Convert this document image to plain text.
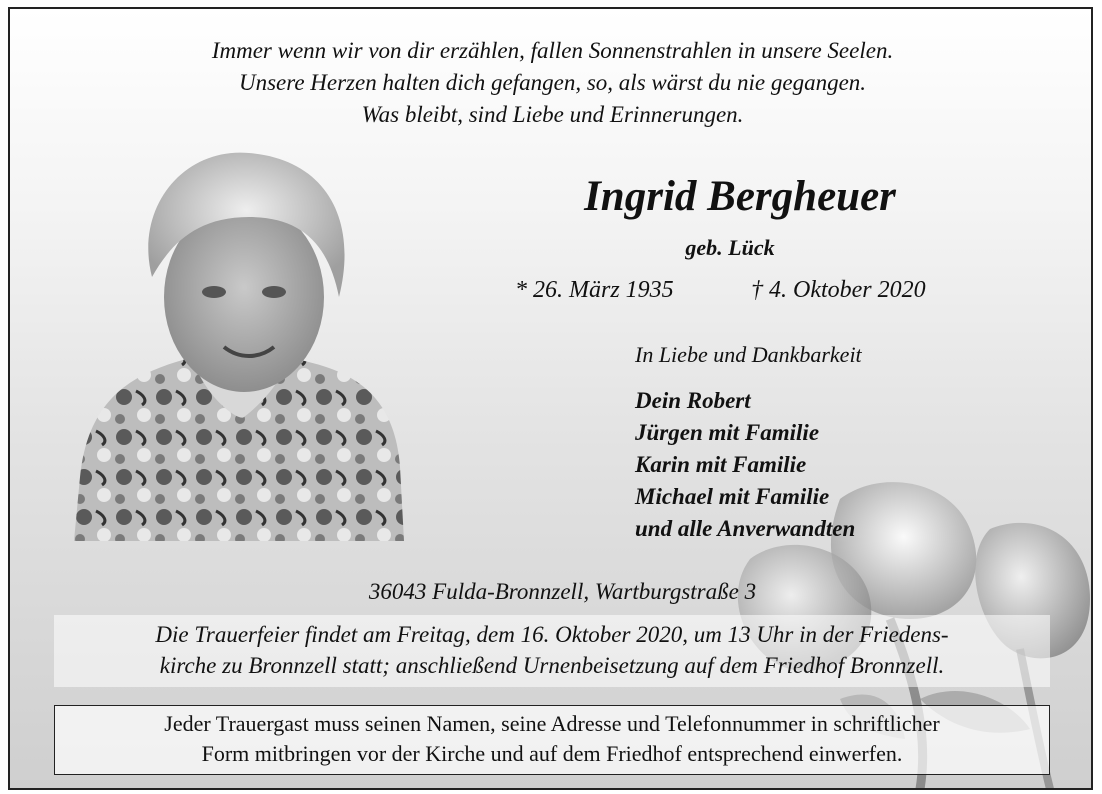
Immer wenn wir von dir erzählen, fallen Sonnenstrahlen in unsere Seelen.
Unsere Herzen halten dich gefangen, so, als wärst du nie gegangen.
Was bleibt, sind Liebe und Erinnerungen.
Ingrid Bergheuer
geb. Lück
* 26. März 1935	† 4. Oktober 2020
In Liebe und Dankbarkeit
Dein Robert
Jürgen mit Familie
Karin mit Familie
Michael mit Familie
und alle Anverwandten
36043 Fulda-Bronnzell, Wartburgstraße 3
Die Trauerfeier findet am Freitag, dem 16. Oktober 2020, um 13 Uhr in der Friedens-
kirche zu Bronnzell statt; anschließend Urnenbeisetzung auf dem Friedhof Bronnzell.
Jeder Trauergast muss seinen Namen, seine Adresse und Telefonnummer in schriftlicher
Form mitbringen vor der Kirche und auf dem Friedhof entsprechend einwerfen.
